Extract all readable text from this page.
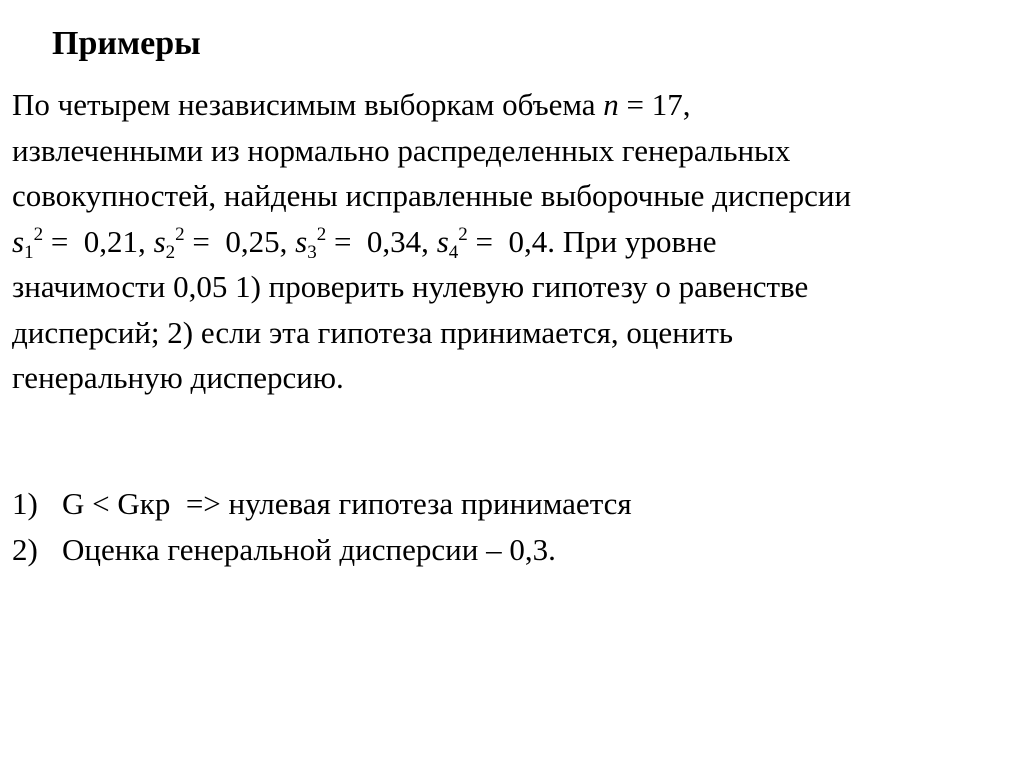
Примеры
По четырем независимым выборкам объема n = 17,
извлеченными из нормально распределенных генеральных
совокупностей, найдены исправленные выборочные дисперсии
$s_1^2 = 0,21$, $s_2^2 = 0,25$, $s_3^2 = 0,34$, $s_4^2 = 0,4$. При уровне
значимости 0,05 1) проверить нулевую гипотезу о равенстве
дисперсий; 2) если эта гипотеза принимается, оценить
генеральную дисперсию.
1) G < Gкр  => нулевая гипотеза принимается
2) Оценка генеральной дисперсии – 0,3.
